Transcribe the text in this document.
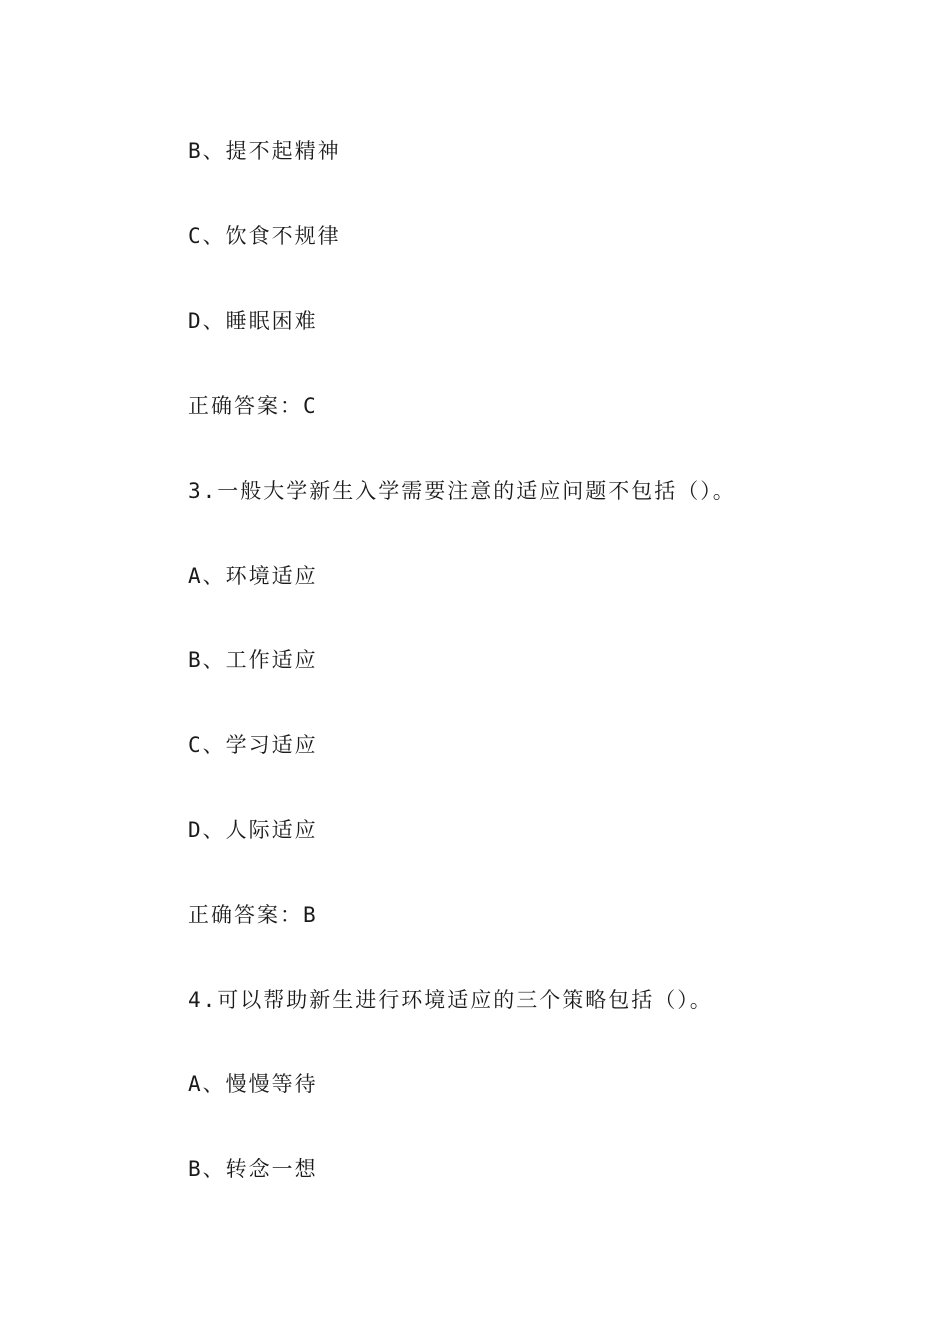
B、提不起精神
C、饮食不规律
D、睡眠困难
正确答案：C
3.一般大学新生入学需要注意的适应问题不包括（）。
A、环境适应
B、工作适应
C、学习适应
D、人际适应
正确答案：B
4.可以帮助新生进行环境适应的三个策略包括（）。
A、慢慢等待
B、转念一想
